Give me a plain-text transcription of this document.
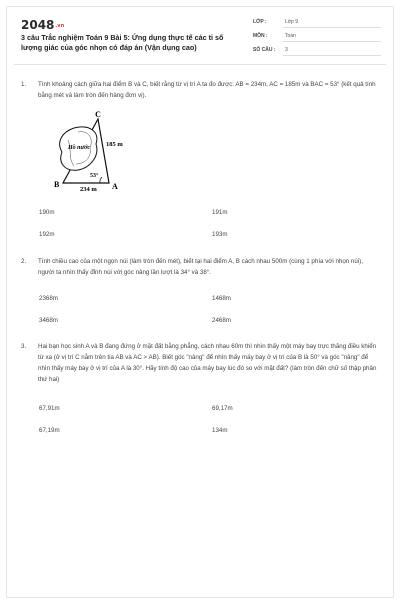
2048.vn
3 câu Trắc nghiệm Toán 9 Bài 5: Ứng dụng thực tế các tỉ số lượng giác của góc nhọn có đáp án (Vận dụng cao)
LỚP :	Lớp 9
MÔN :	Toán
SỐ CÂU : 3
1. Tính khoảng cách giữa hai điểm B và C, biết rằng từ vị trí A ta đo được: AB = 234m, AC = 185m và BAC = 53° (kết quả tính bằng mét và làm tròn đến hàng đơn vị).
C
B	A
Hồ nước 185 m
234 m
53°
190m	191m
192m	193m
2. Tính chiều cao của một ngọn núi (làm tròn đến mét), biết tại hai điểm A, B cách nhau 500m (cùng 1 phía với nhọn núi), người ta nhìn thấy đỉnh núi với góc nâng lần lượt là 34° và 38°.
2368m	1468m
3468m	2468m
3. Hai bạn học sinh A và B đang đứng ở mặt đất bằng phẳng, cách nhau 60m thì nhìn thấy một máy bay trực thăng điều khiển từ xa (ở vị trí C nằm trên tia AB và AC > AB). Biết góc "nâng" để nhìn thấy máy bay ở vị trí của B là 50° và góc "nâng" để nhìn thấy máy bay ở vị trí của A là 30°. Hãy tính độ cao của máy bay lúc đó so với mặt đất? (làm tròn đến chữ số thập phân thứ hai)
67,91m	69,17m
67,19m	134m
